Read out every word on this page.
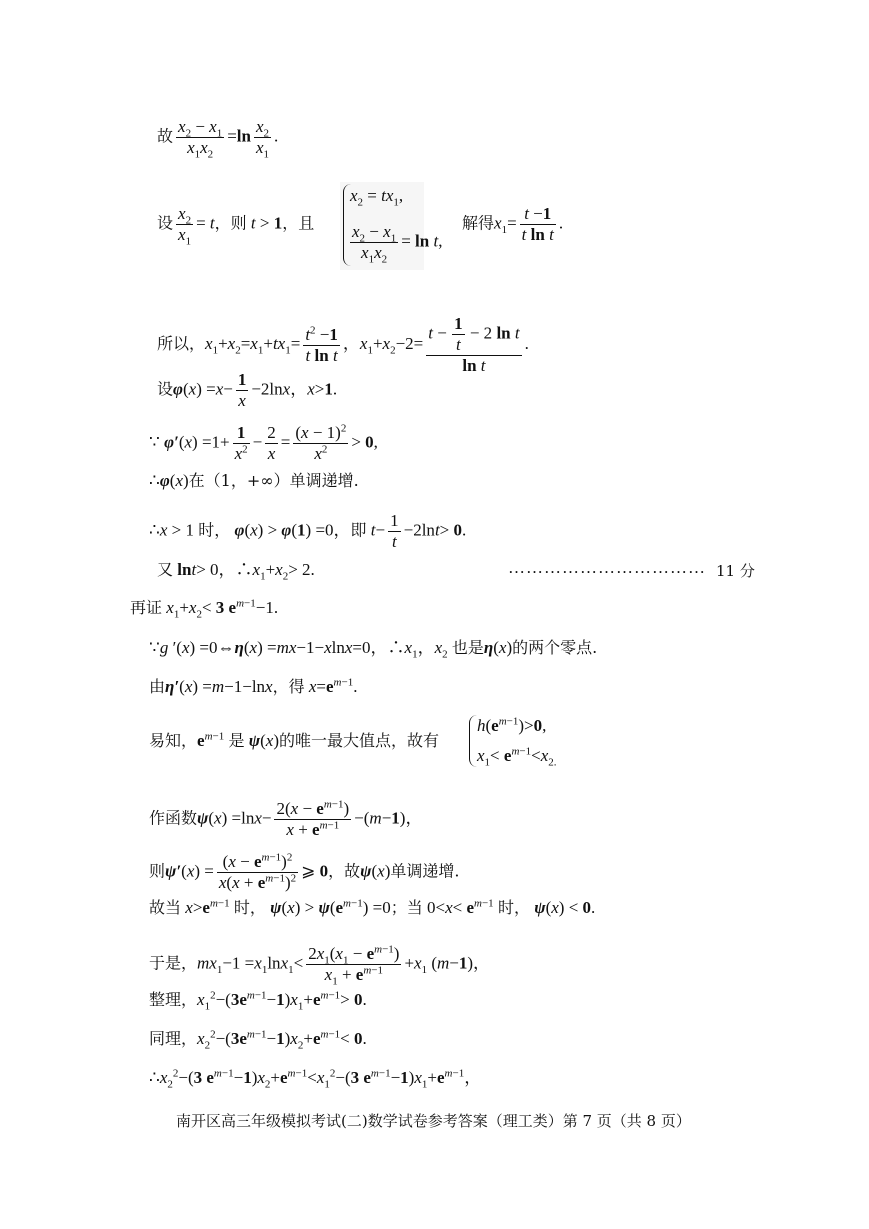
故 $\frac{x_2 - x_1}{x_1x_2} =\ln \frac{x_2}{x_1}$ .
设 $\frac{x_2}{x_1} = t$，则 t > 1，且
$x_2 = tx_1$,
$\frac{x_2 - x_1}{x_1x_2} = \ln t$,
解得$x_1= \frac{t -1}{\text{t ln t}}$ .
所以，$x_1+x_2=x_1+tx_1= \frac{t^2 -1}{\text{t ln t}}$ ，$x_1+x_2-2= \frac{t - \frac{1}{t} - 2 \ln t}{\text{ln t}}$ .
设$\varphi(x) =x- \frac{1}{x} -2\ln x$，x>1.
∵ $\varphi'(x) =1+ \frac{1}{x^2} - \frac{2}{x} = \frac{(x - 1)^2}{x^2} > 0$,
∴φ(x)在（1，+∞）单调递增.
∴x > 1 时， φ(x) > φ(1) =0，即 $t- \frac{1}{t} -2\ln t> 0$.
又 lnt> 0，$\therefore x_1+x_2> 2$.	…………………………… 11 分
再证 $x_1+x_2< 3$ $e^{m-1}-1$.
∵g ′(x) =0⇔η(x) =mx−1−xlnx=0，$\therefore x_1$，$x_2$ 也是η(x)的两个零点.
由η′(x) =m−1−lnx，得 $x=e^{m-1}$.
易知，$e^{m-1}$ 是 ψ(x)的唯一最大值点，故有
$h(e^{m-1})>0$,
$x_1< e^{m-1}<x_{2.}$
作函数$\psi(x) =\ln x- \frac{2(x - e^{m-1})}{x + e^{m-1}} -(m-1)$，
则$\psi'(x) = \frac{(x - e^{m-1})^2}{x(x + e^{m-1})^2}$ ⩾ 0，故ψ(x)单调递增.
故当 $x>e^{m-1}$ 时， $\psi(x) > \psi(e^{m-1}) =0$；当 $0<x< e^{m-1}$ 时， ψ(x) < 0.
于是，$mx_1-1 =x_1\ln x_1< \frac{2x_1(x_1 - e^{m-1})}{x_1 + e^{m-1}} +x_1$ (m−1)，
整理，$x_1^2-(3e^{m-1}-1)x_1+e^{m-1}> 0$.
同理，$x_2^2-(3e^{m-1}-1)x_2+e^{m-1}< 0$.
$\therefore x_2^2-(3$ $e^{m-1}-1)x_2+e^{m-1}<x_1^2-(3$ $e^{m-1}-1)x_1+e^{m-1}$，
南开区高三年级模拟考试(二)数学试卷参考答案（理工类）第 7 页（共 8 页）
